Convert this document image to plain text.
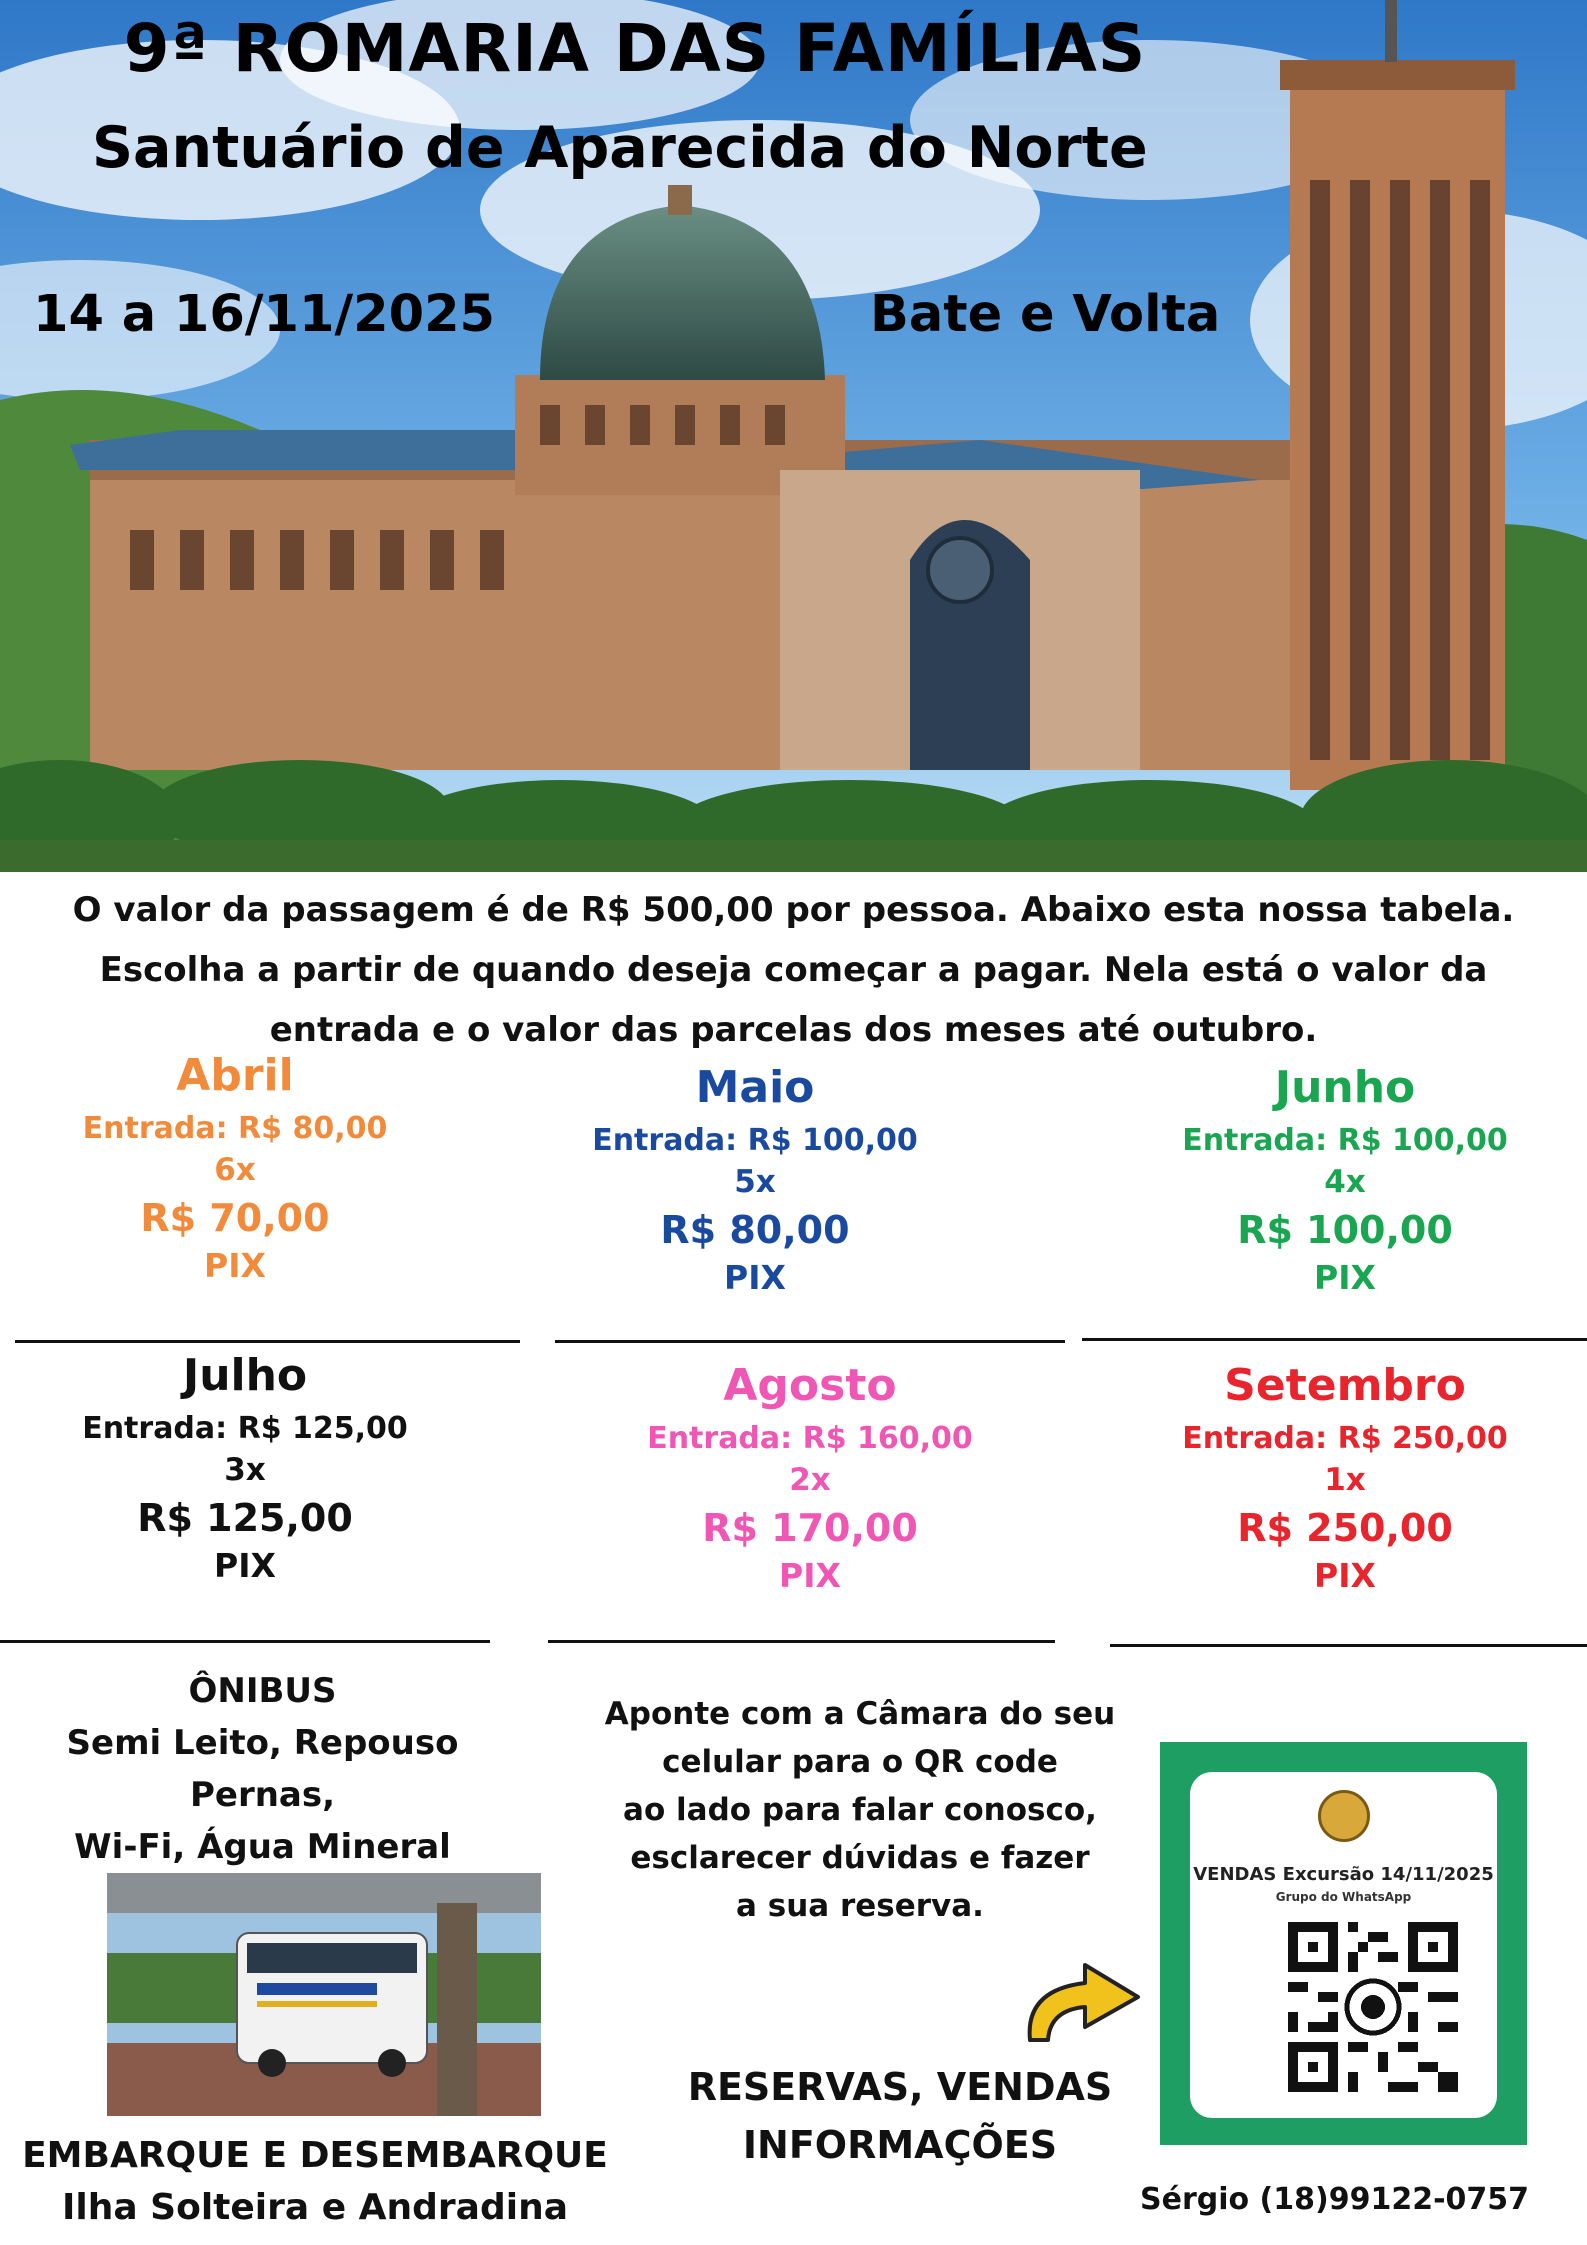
9ª ROMARIA DAS FAMÍLIAS
Santuário de Aparecida do Norte
14 a 16/11/2025	Bate e Volta
O valor da passagem é de R$ 500,00 por pessoa. Abaixo esta nossa tabela.
Escolha a partir de quando deseja começar a pagar. Nela está o valor da
entrada e o valor das parcelas dos meses até outubro.
Abril
Entrada: R$ 80,00
6x
R$ 70,00
PIX
Maio
Entrada: R$ 100,00
5x
R$ 80,00
PIX
Junho
Entrada: R$ 100,00
4x
R$ 100,00
PIX
Julho
Entrada: R$ 125,00
3x
R$ 125,00
PIX
Agosto
Entrada: R$ 160,00
2x
R$ 170,00
PIX
Setembro
Entrada: R$ 250,00
1x
R$ 250,00
PIX
ÔNIBUS
Semi Leito, Repouso Pernas,
Wi-Fi, Água Mineral
EMBARQUE E DESEMBARQUE
Ilha Solteira e Andradina
Aponte com a Câmara do seu
celular para o QR code
ao lado para falar conosco,
esclarecer dúvidas e fazer
a sua reserva.
RESERVAS, VENDAS
INFORMAÇÕES
VENDAS Excursão 14/11/2025
Grupo do WhatsApp
Sérgio (18)99122-0757
